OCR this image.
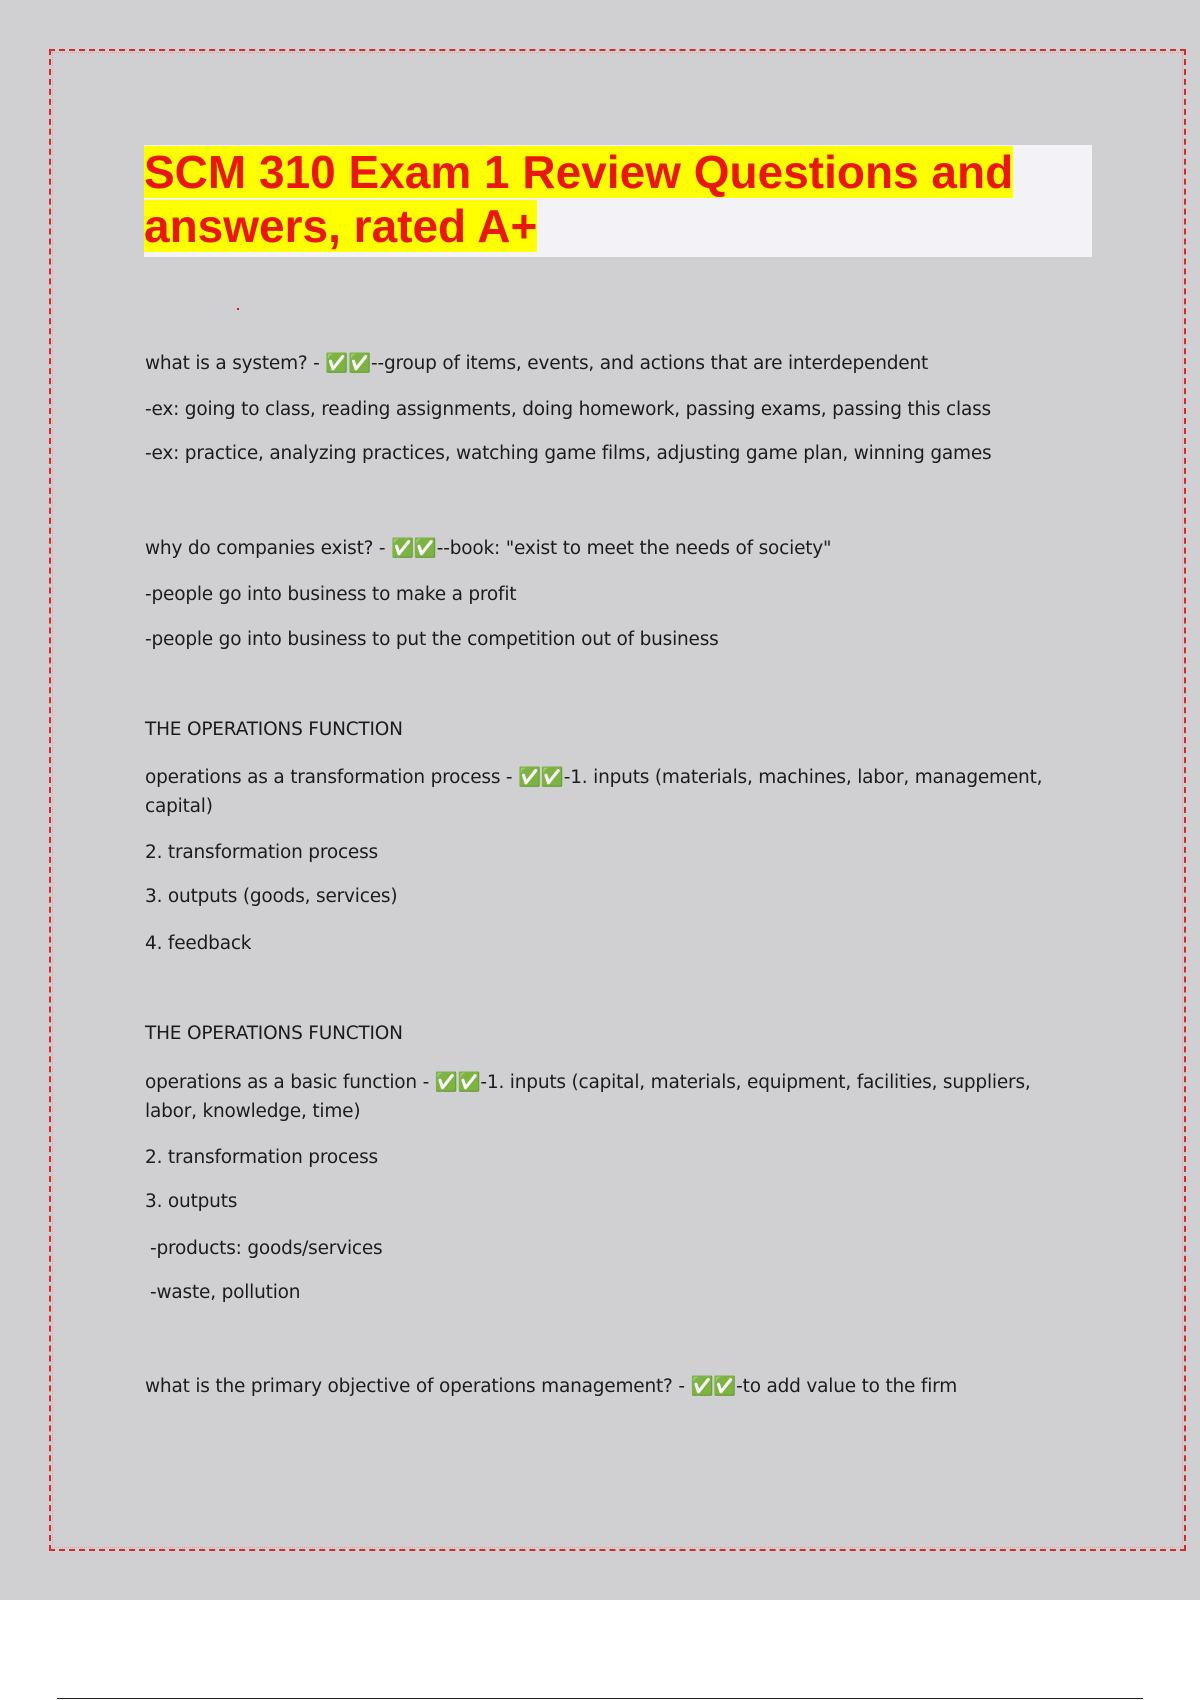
SCM 310 Exam 1 Review Questions and answers, rated A+
what is a system? - ✅✅--group of items, events, and actions that are interdependent
-ex: going to class, reading assignments, doing homework, passing exams, passing this class
-ex: practice, analyzing practices, watching game films, adjusting game plan, winning games
why do companies exist? - ✅✅--book: "exist to meet the needs of society"
-people go into business to make a profit
-people go into business to put the competition out of business
THE OPERATIONS FUNCTION
operations as a transformation process - ✅✅-1. inputs (materials, machines, labor, management, capital)
2. transformation process
3. outputs (goods, services)
4. feedback
THE OPERATIONS FUNCTION
operations as a basic function - ✅✅-1. inputs (capital, materials, equipment, facilities, suppliers, labor, knowledge, time)
2. transformation process
3. outputs
-products: goods/services
-waste, pollution
what is the primary objective of operations management? - ✅✅-to add value to the firm
